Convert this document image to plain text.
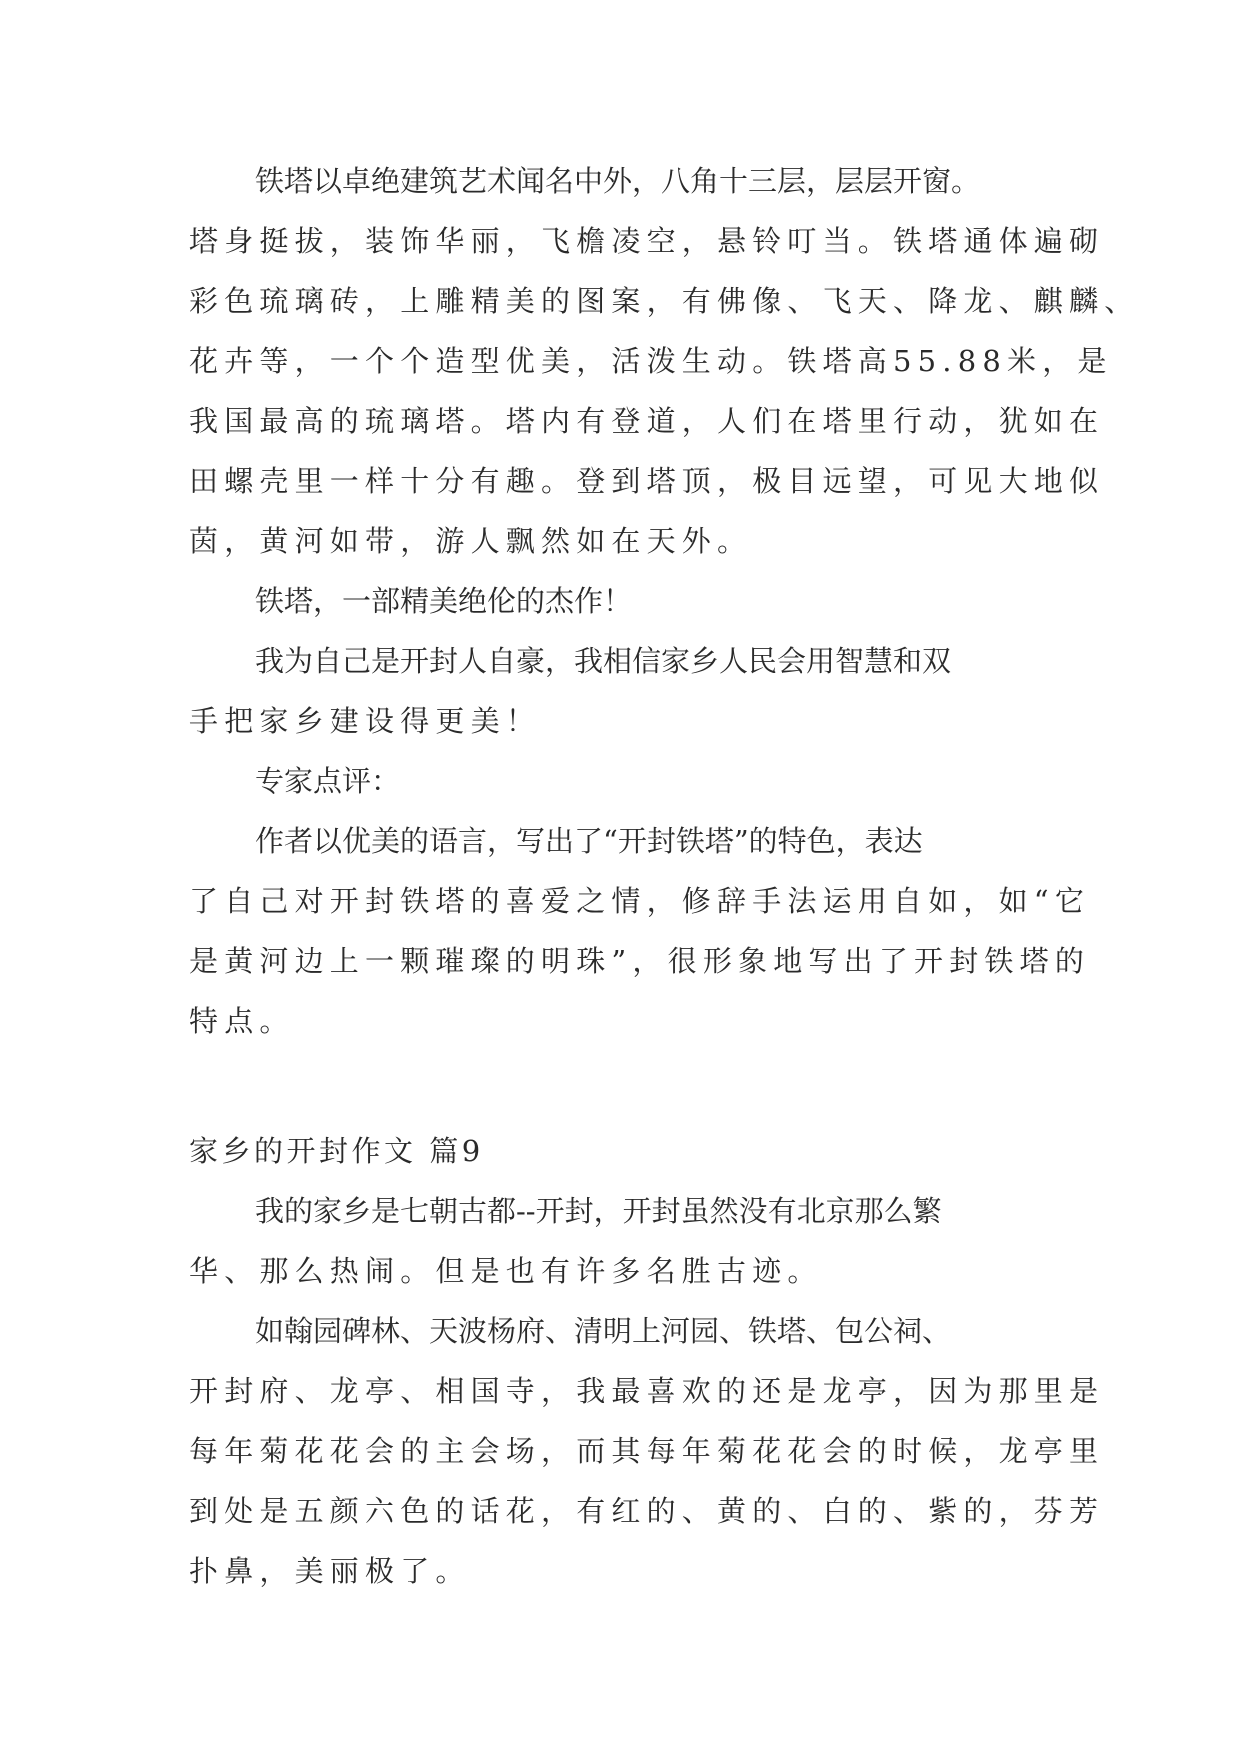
铁塔以卓绝建筑艺术闻名中外，八角十三层，层层开窗。
塔身挺拔，装饰华丽，飞檐凌空，悬铃叮当。铁塔通体遍砌
彩色琉璃砖，上雕精美的图案，有佛像、飞天、降龙、麒麟、
花卉等，一个个造型优美，活泼生动。铁塔高55.88米，是
我国最高的琉璃塔。塔内有登道，人们在塔里行动，犹如在
田螺壳里一样十分有趣。登到塔顶，极目远望，可见大地似
茵，黄河如带，游人飘然如在天外。
铁塔，一部精美绝伦的杰作！
我为自己是开封人自豪，我相信家乡人民会用智慧和双
手把家乡建设得更美！
专家点评：
作者以优美的语言，写出了“开封铁塔”的特色，表达
了自己对开封铁塔的喜爱之情，修辞手法运用自如，如“它
是黄河边上一颗璀璨的明珠”，很形象地写出了开封铁塔的
特点。
家乡的开封作文 篇9
我的家乡是七朝古都--开封，开封虽然没有北京那么繁
华、那么热闹。但是也有许多名胜古迹。
如翰园碑林、天波杨府、清明上河园、铁塔、包公祠、
开封府、龙亭、相国寺，我最喜欢的还是龙亭，因为那里是
每年菊花花会的主会场，而其每年菊花花会的时候，龙亭里
到处是五颜六色的话花，有红的、黄的、白的、紫的，芬芳
扑鼻，美丽极了。
